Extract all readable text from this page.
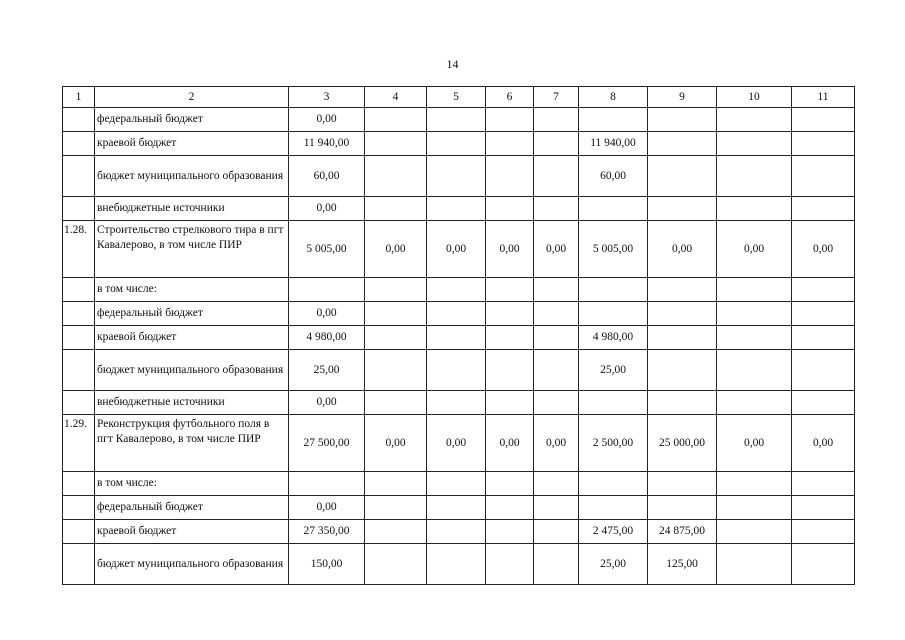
14
1	2	3	4	5	6	7	8	9	10	11
	федеральный бюджет	0,00								
	краевой бюджет	11 940,00					11 940,00			
	бюджет муниципального образования	60,00					60,00			
	внебюджетные источники	0,00								
1.28.	Строительство стрелкового тира в пгт Кавалерово, в том числе ПИР	5 005,00	0,00	0,00	0,00	0,00	5 005,00	0,00	0,00	0,00
	в том числе:									
	федеральный бюджет	0,00								
	краевой бюджет	4 980,00					4 980,00			
	бюджет муниципального образования	25,00					25,00			
	внебюджетные источники	0,00								
1.29.	Реконструкция футбольного поля в пгт Кавалерово, в том числе ПИР	27 500,00	0,00	0,00	0,00	0,00	2 500,00	25 000,00	0,00	0,00
	в том числе:									
	федеральный бюджет	0,00								
	краевой бюджет	27 350,00					2 475,00	24 875,00		
	бюджет муниципального образования	150,00					25,00	125,00		
